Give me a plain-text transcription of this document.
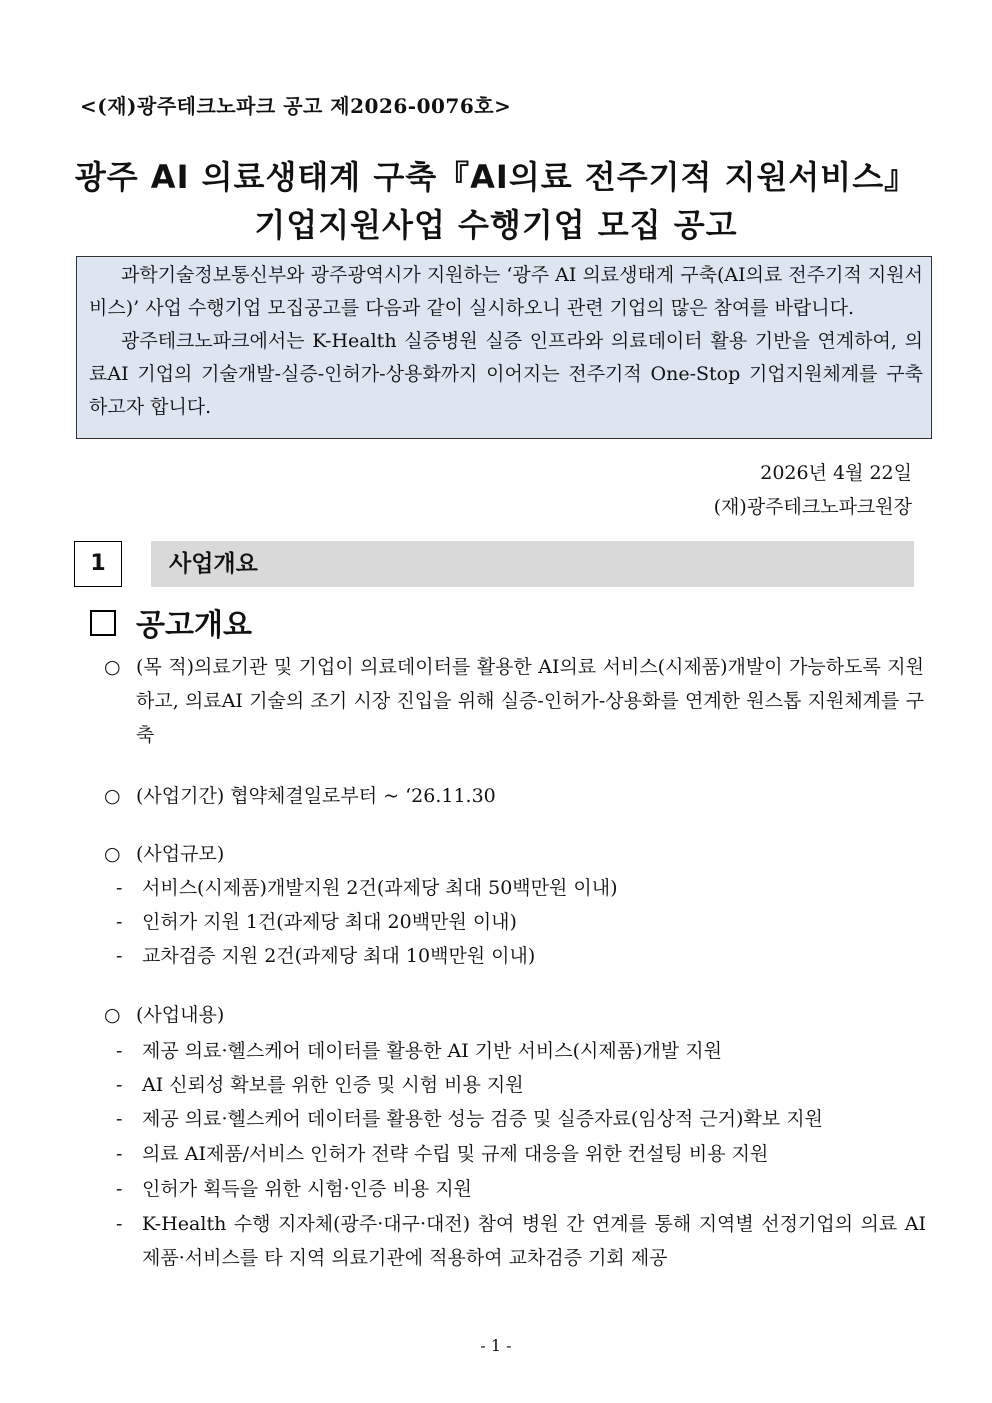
<(재)광주테크노파크 공고 제2026-0076호>
광주 AI 의료생태계 구축『AI의료 전주기적 지원서비스』
기업지원사업 수행기업 모집 공고

과학기술정보통신부와 광주광역시가 지원하는 ‘광주 AI 의료생태계 구축(AI의료 전주기적 지원서비스)’ 사업 수행기업 모집공고를 다음과 같이 실시하오니 관련 기업의 많은 참여를 바랍니다.

광주테크노파크에서는 K-Health 실증병원 실증 인프라와 의료데이터 활용 기반을 연계하여, 의료AI 기업의 기술개발-실증-인허가-상용화까지 이어지는 전주기적 One-Stop 기업지원체계를 구축 하고자 합니다.

2026년 4월 22일
(재)광주테크노파크원장
1	사업개요
공고개요
○ (목 적)의료기관 및 기업이 의료데이터를 활용한 AI의료 서비스(시제품)개발이 가능하도록 지원하고, 의료AI 기술의 조기 시장 진입을 위해 실증-인허가-상용화를 연계한 원스톱 지원체계를 구축
○ (사업기간) 협약체결일로부터 ~ ‘26.11.30
○ (사업규모)
-	서비스(시제품)개발지원 2건(과제당 최대 50백만원 이내)
-	인허가 지원 1건(과제당 최대 20백만원 이내)
-	교차검증 지원 2건(과제당 최대 10백만원 이내)
○ (사업내용)
-	제공 의료·헬스케어 데이터를 활용한 AI 기반 서비스(시제품)개발 지원
-	AI 신뢰성 확보를 위한 인증 및 시험 비용 지원
-	제공 의료·헬스케어 데이터를 활용한 성능 검증 및 실증자료(임상적 근거)확보 지원
-	의료 AI제품/서비스 인허가 전략 수립 및 규제 대응을 위한 컨설팅 비용 지원
-	인허가 획득을 위한 시험·인증 비용 지원
-	K-Health 수행 지자체(광주·대구·대전) 참여 병원 간 연계를 통해 지역별 선정기업의 의료 AI 제품·서비스를 타 지역 의료기관에 적용하여 교차검증 기회 제공
- 1 -
